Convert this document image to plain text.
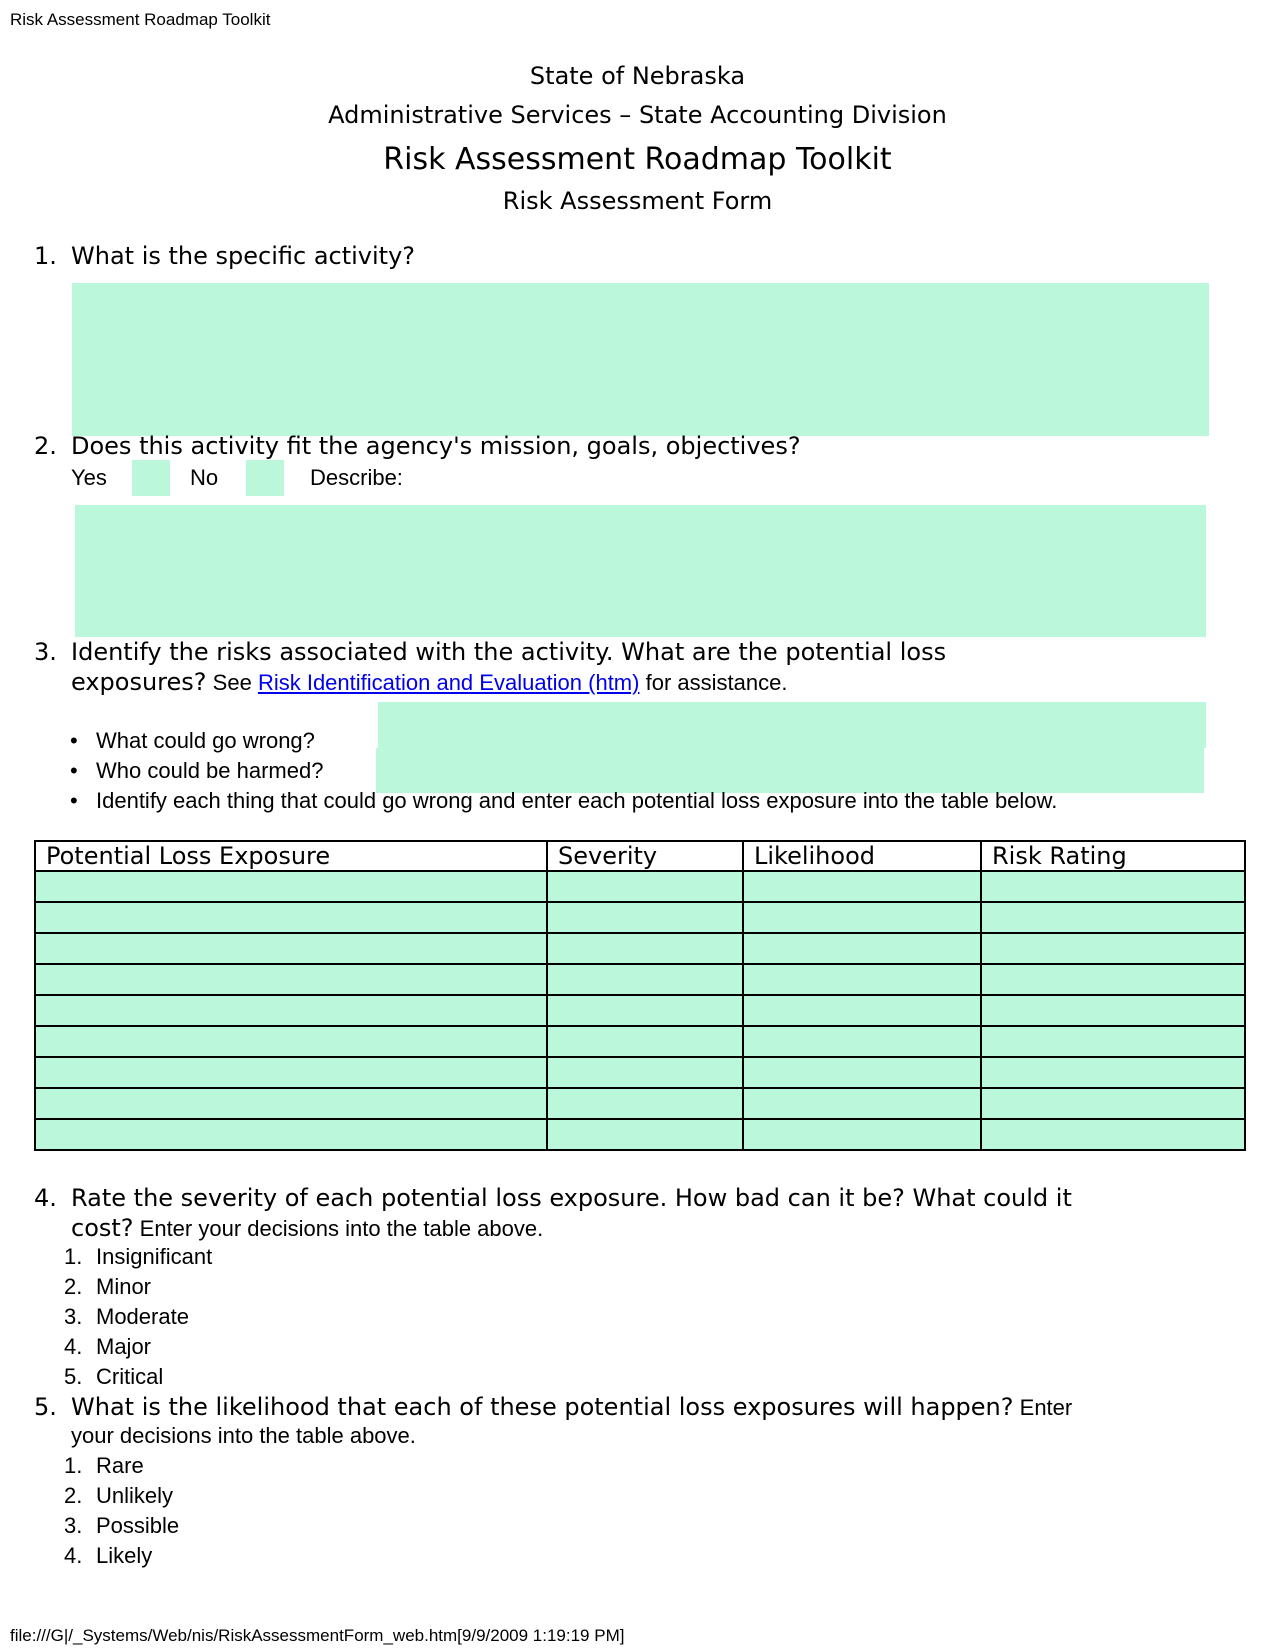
Risk Assessment Roadmap Toolkit
State of Nebraska
Administrative Services – State Accounting Division
Risk Assessment Roadmap Toolkit
Risk Assessment Form
1. What is the specific activity?
2. Does this activity fit the agency's mission, goals, objectives?
Yes	No	Describe:
3. Identify the risks associated with the activity. What are the potential loss
exposures? See Risk Identification and Evaluation (htm) for assistance.
• What could go wrong?
• Who could be harmed?
• Identify each thing that could go wrong and enter each potential loss exposure into the table below.
Potential Loss Exposure	Severity	Likelihood	Risk Rating

4. Rate the severity of each potential loss exposure. How bad can it be? What could it
cost? Enter your decisions into the table above.
1. Insignificant
2. Minor
3. Moderate
4. Major
5. Critical
5. What is the likelihood that each of these potential loss exposures will happen? Enter
your decisions into the table above.
1. Rare
2. Unlikely
3. Possible
4. Likely
file:///G|/_Systems/Web/nis/RiskAssessmentForm_web.htm[9/9/2009 1:19:19 PM]
